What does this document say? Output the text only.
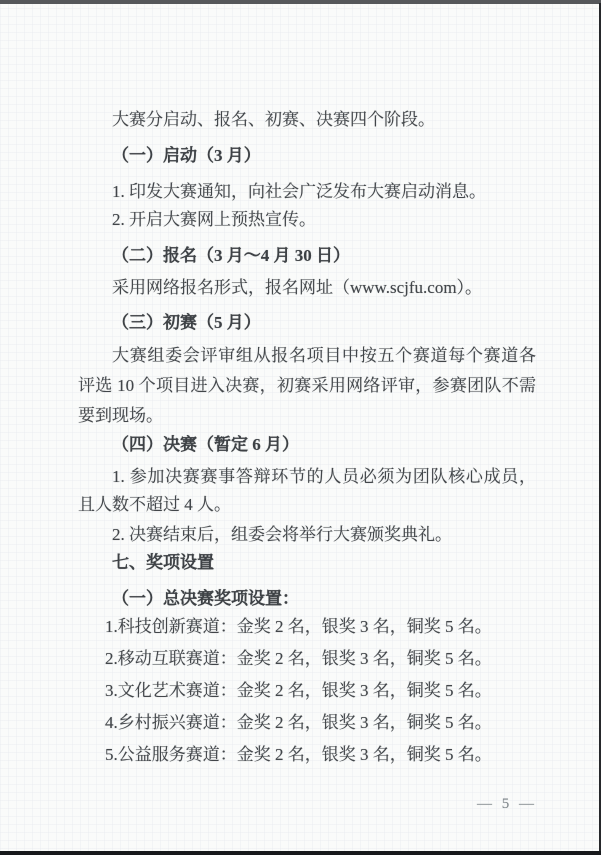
大赛分启动、报名、初赛、决赛四个阶段。

（一）启动（3 月）

1. 印发大赛通知，向社会广泛发布大赛启动消息。

2. 开启大赛网上预热宣传。

（二）报名（3 月～4 月 30 日）

采用网络报名形式，报名网址（www.scjfu.com）。

（三）初赛（5 月）

大赛组委会评审组从报名项目中按五个赛道每个赛道各评选 10 个项目进入决赛，初赛采用网络评审，参赛团队不需要到现场。

（四）决赛（暂定 6 月）

1. 参加决赛赛事答辩环节的人员必须为团队核心成员，且人数不超过 4 人。

2. 决赛结束后，组委会将举行大赛颁奖典礼。

七、奖项设置

（一）总决赛奖项设置：

1.科技创新赛道：金奖 2 名，银奖 3 名，铜奖 5 名。

2.移动互联赛道：金奖 2 名，银奖 3 名，铜奖 5 名。

3.文化艺术赛道：金奖 2 名，银奖 3 名，铜奖 5 名。

4.乡村振兴赛道：金奖 2 名，银奖 3 名，铜奖 5 名。

5.公益服务赛道：金奖 2 名，银奖 3 名，铜奖 5 名。

— 5 —
